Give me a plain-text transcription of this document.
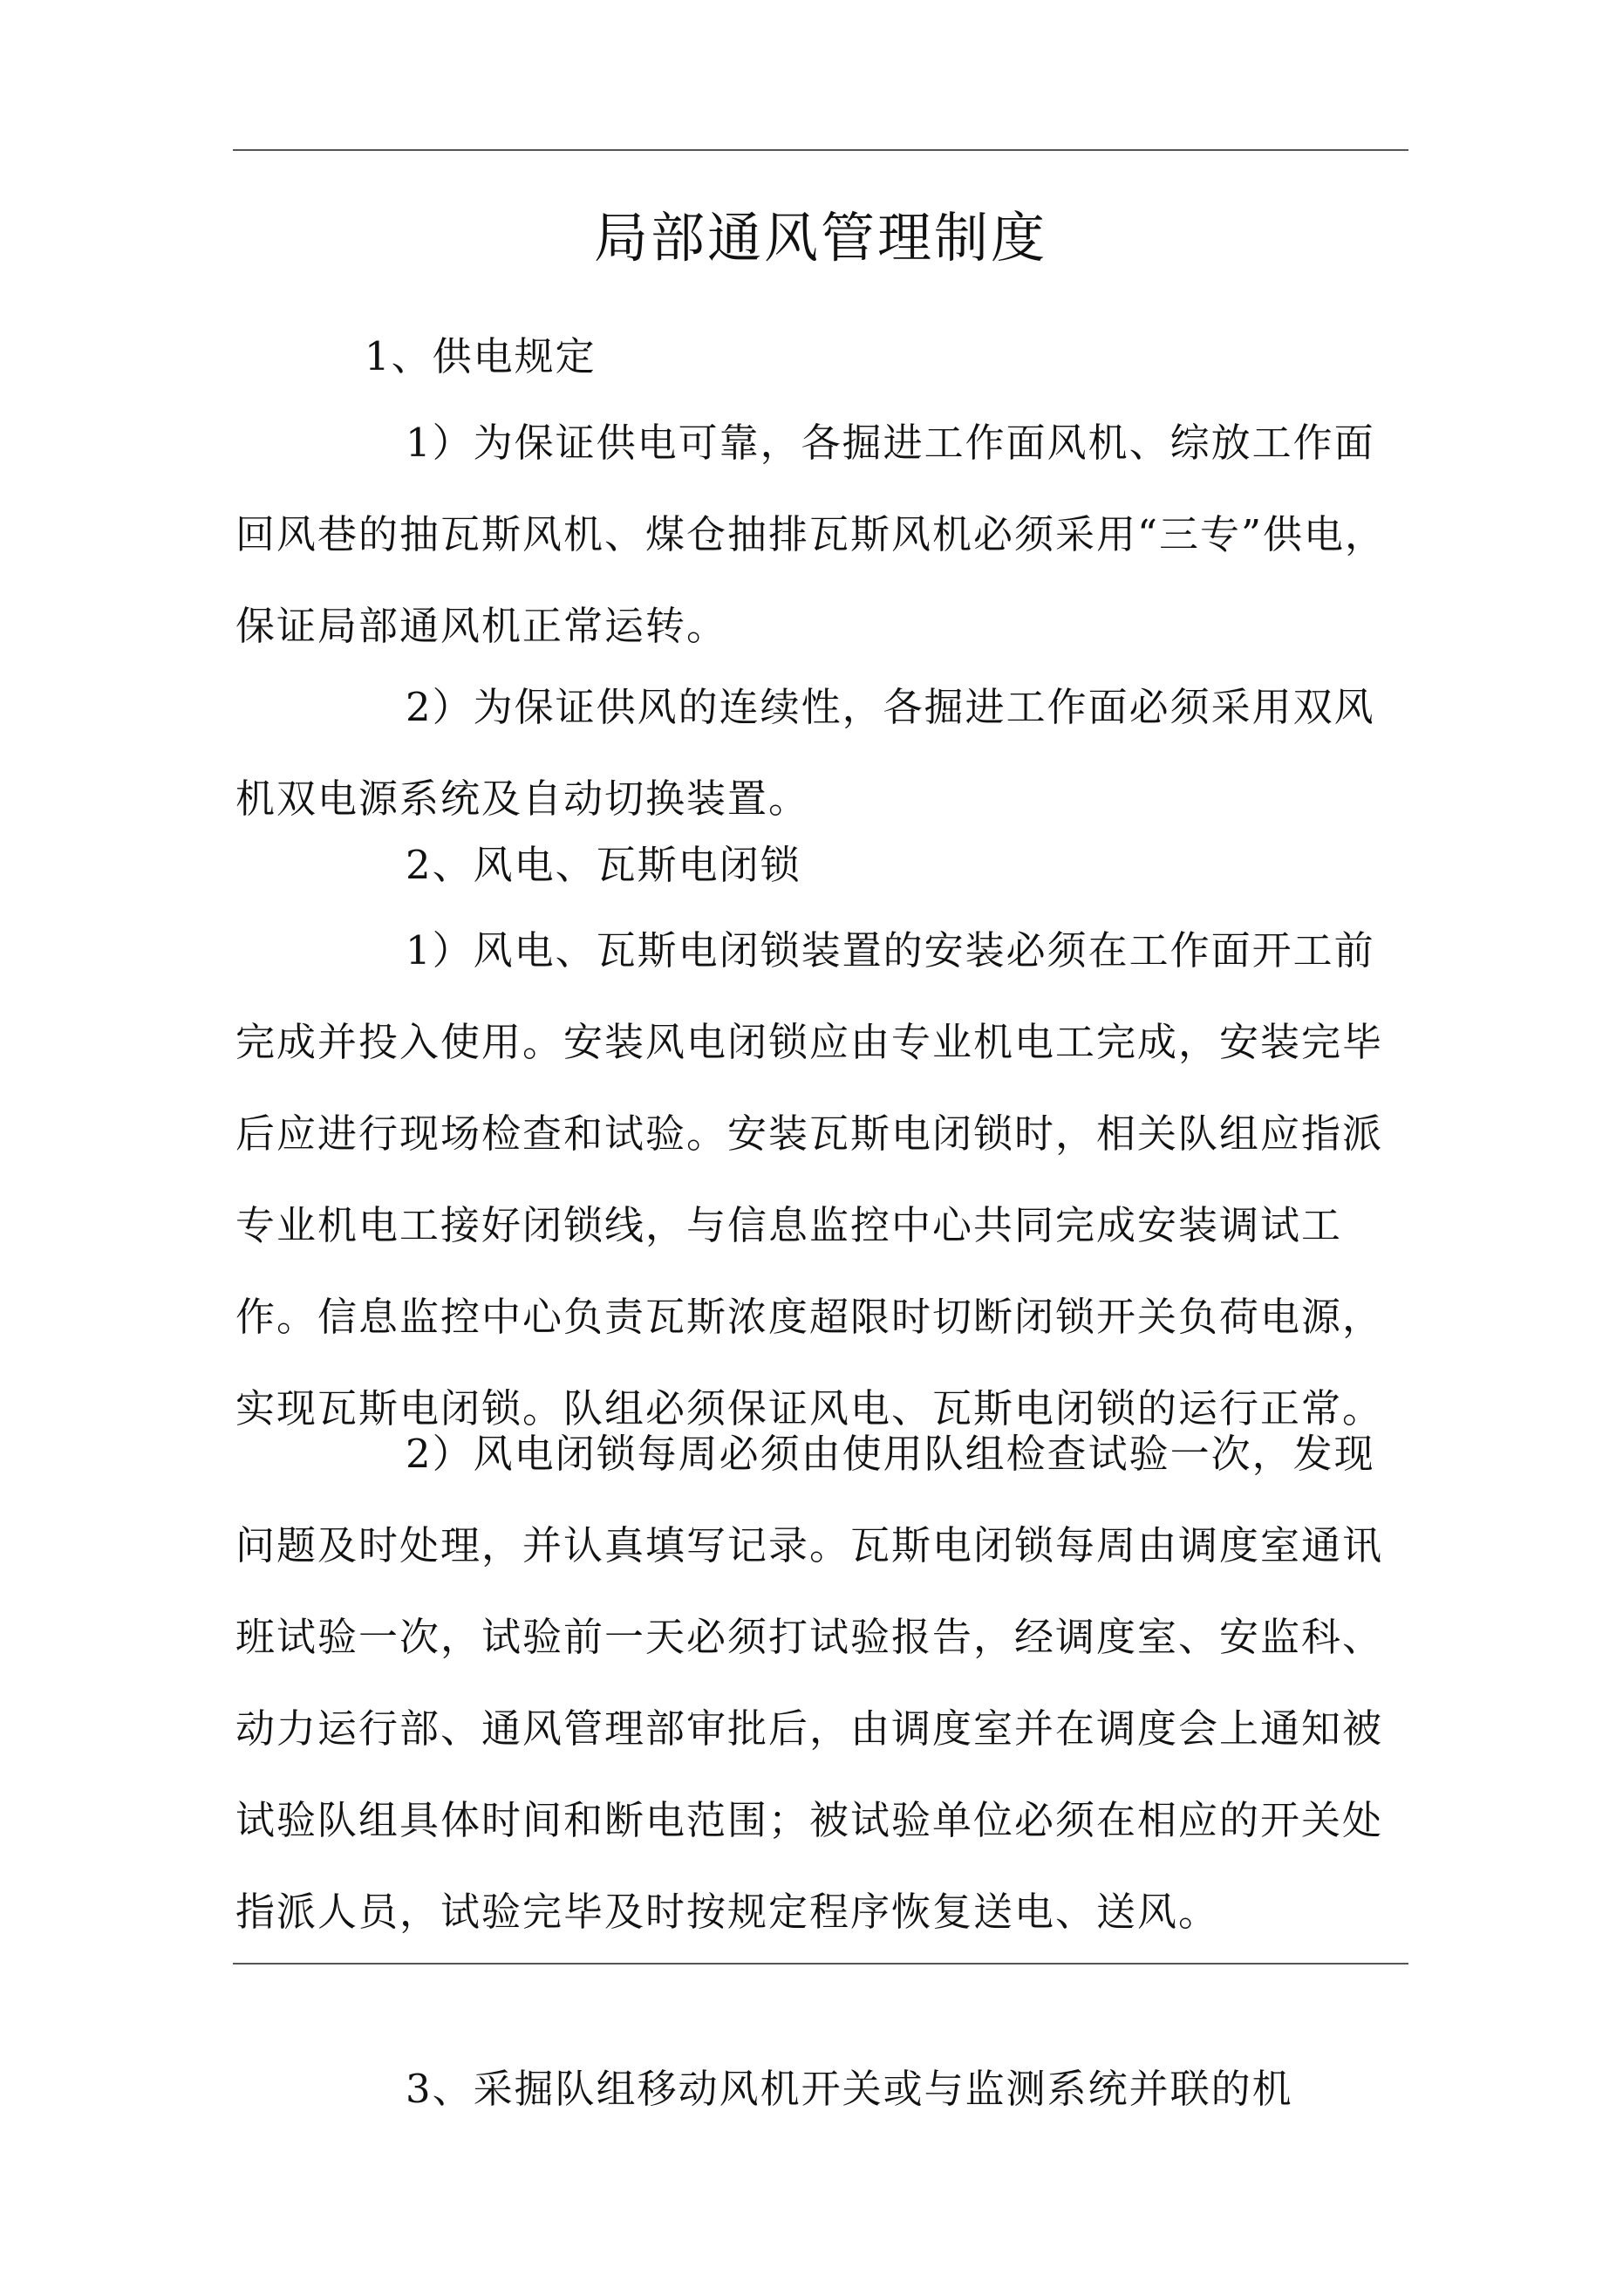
局部通风管理制度

1、供电规定

1）为保证供电可靠，各掘进工作面风机、综放工作面回风巷的抽瓦斯风机、煤仓抽排瓦斯风机必须采用“三专”供电，保证局部通风机正常运转。

2）为保证供风的连续性，各掘进工作面必须采用双风机双电源系统及自动切换装置。

2、风电、瓦斯电闭锁

1）风电、瓦斯电闭锁装置的安装必须在工作面开工前完成并投入使用。安装风电闭锁应由专业机电工完成，安装完毕后应进行现场检查和试验。安装瓦斯电闭锁时，相关队组应指派专业机电工接好闭锁线，与信息监控中心共同完成安装调试工作。信息监控中心负责瓦斯浓度超限时切断闭锁开关负荷电源，实现瓦斯电闭锁。队组必须保证风电、瓦斯电闭锁的运行正常。

2）风电闭锁每周必须由使用队组检查试验一次，发现问题及时处理，并认真填写记录。瓦斯电闭锁每周由调度室通讯班试验一次，试验前一天必须打试验报告，经调度室、安监科、动力运行部、通风管理部审批后，由调度室并在调度会上通知被试验队组具体时间和断电范围；被试验单位必须在相应的开关处指派人员，试验完毕及时按规定程序恢复送电、送风。

3、采掘队组移动风机开关或与监测系统并联的机
